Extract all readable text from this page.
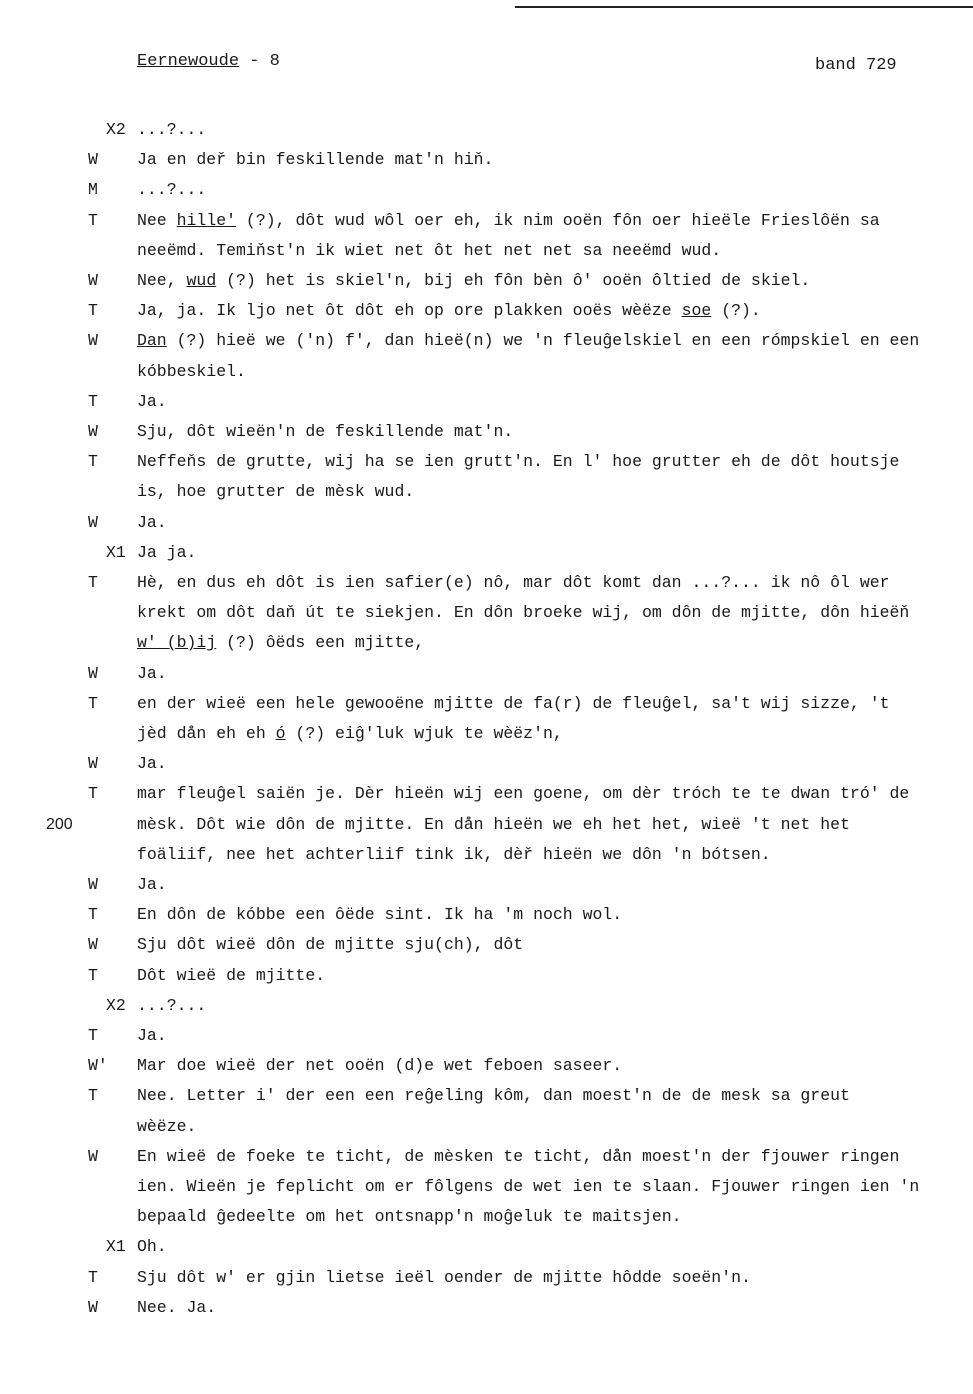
Eernewoude - 8	band 729
X2 ...?...
W Ja en deř bin feskillende mat'n hiň.
M ...?...
T Nee hille' (?), dôt wud wôl oer eh, ik nim ooën fôn oer hieële Frieslôën sa
neeëmd. Temiňst'n ik wiet net ôt het net net sa neeëmd wud.
W Nee, wud (?) het is skiel'n, bij eh fôn bèn ô' ooën ôltied de skiel.
T Ja, ja. Ik ljo net ôt dôt eh op ore plakken ooës wèëze soe (?).
W Dan (?) hieë we ('n) f', dan hieë(n) we 'n fleuĝelskiel en een rómpskiel en een
kóbbeskiel.
T Ja.
W Sju, dôt wieën'n de feskillende mat'n.
T Neffeňs de grutte, wij ha se ien grutt'n. En l' hoe grutter eh de dôt houtsje
is, hoe grutter de mèsk wud.
W Ja.
X1 Ja ja.
T Hè, en dus eh dôt is ien safier(e) nô, mar dôt komt dan ...?... ik nô ôl wer
krekt om dôt daň út te siekjen. En dôn broeke wij, om dôn de mjitte, dôn hieëň
w' (b)ij (?) ôëds een mjitte,
W Ja.
T en der wieë een hele gewooëne mjitte de fa(r) de fleuĝel, sa't wij sizze, 't
jèd dån eh eh ó (?) eiĝ'luk wjuk te wèëz'n,
W Ja.
T mar fleuĝel saiën je. Dèr hieën wij een goene, om dèr tróch te te dwan tró' de
mèsk. Dôt wie dôn de mjitte. En dån hieën we eh het het, wieë 't net het
200
foäliif, nee het achterliif tink ik, dèř hieën we dôn 'n bótsen.
W Ja.
T En dôn de kóbbe een ôëde sint. Ik ha 'm noch wol.
W Sju dôt wieë dôn de mjitte sju(ch), dôt
T Dôt wieë de mjitte.
X2 ...?...
T Ja.
W' Mar doe wieë der net ooën (d)e wet feboen saseer.
T Nee. Letter i' der een een reĝeling kôm, dan moest'n de de mesk sa greut
wèëze.
W En wieë de foeke te ticht, de mèsken te ticht, dån moest'n der fjouwer ringen
ien. Wieën je feplicht om er fôlgens de wet ien te slaan. Fjouwer ringen ien 'n
bepaald ĝedeelte om het ontsnapp'n moĝeluk te maitsjen.
X1 Oh.
T Sju dôt w' er gjin lietse ieël oender de mjitte hôdde soeën'n.
W Nee. Ja.
